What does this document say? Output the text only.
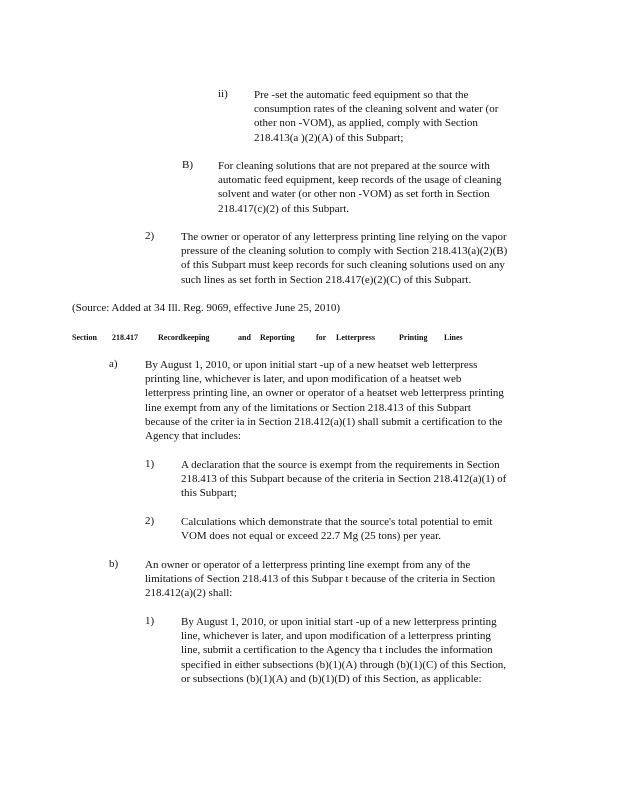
ii) Pre -set the automatic feed equipment so that the
consumption rates of the cleaning solvent and water (or
other non -VOM), as applied, comply with Section
218.413(a )(2)(A) of this Subpart;
B) For cleaning solutions that are not prepared at the source with
automatic feed equipment, keep records of the usage of cleaning
solvent and water (or other non -VOM) as set forth in Section
218.417(c)(2) of this Subpart.
2) The owner or operator of any letterpress printing line relying on the vapor
pressure of the cleaning solution to comply with Section 218.413(a)(2)(B)
of this Subpart must keep records for such cleaning solutions used on any
such lines as set forth in Section 218.417(e)(2)(C) of this Subpart.
(Source: Added at 34 Ill. Reg. 9069, effective June 25, 2010)
Section 218.417	Recordkeeping	and Reporting	for Letterpress	Printing Lines
a) By August 1, 2010, or upon initial start -up of a new heatset web letterpress
printing line, whichever is later, and upon modification of a heatset web
letterpress printing line, an owner or operator of a heatset web letterpress printing
line exempt from any of the limitations or Section 218.413 of this Subpart
because of the criter ia in Section 218.412(a)(1) shall submit a certification to the
Agency that includes:
1) A declaration that the source is exempt from the requirements in Section
218.413 of this Subpart because of the criteria in Section 218.412(a)(1) of
this Subpart;
2) Calculations which demonstrate that the source's total potential to emit
VOM does not equal or exceed 22.7 Mg (25 tons) per year.
b) An owner or operator of a letterpress printing line exempt from any of the
limitations of Section 218.413 of this Subpar t because of the criteria in Section
218.412(a)(2) shall:
1) By August 1, 2010, or upon initial start -up of a new letterpress printing
line, whichever is later, and upon modification of a letterpress printing
line, submit a certification to the Agency tha t includes the information
specified in either subsections (b)(1)(A) through (b)(1)(C) of this Section,
or subsections (b)(1)(A) and (b)(1)(D) of this Section, as applicable:
